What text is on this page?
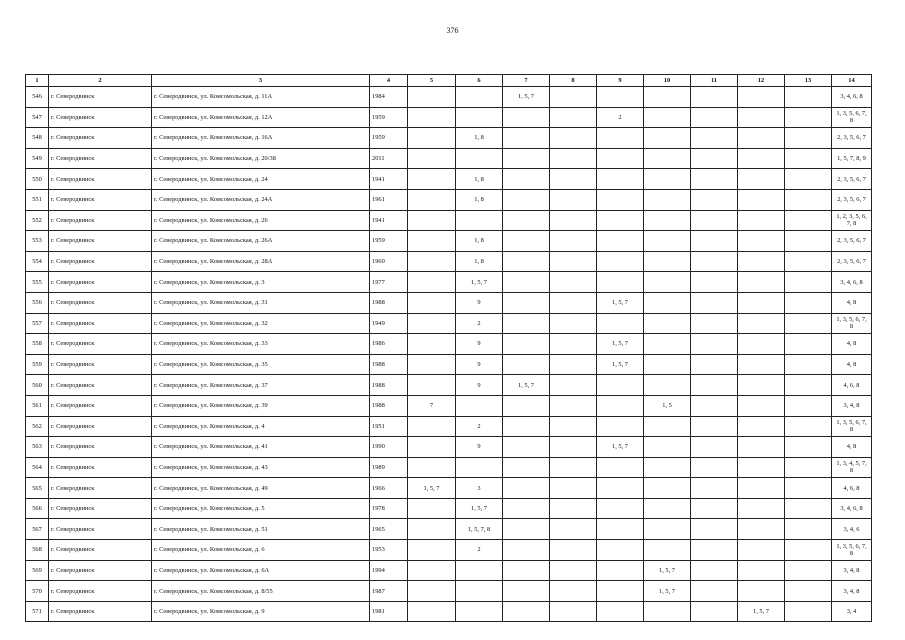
376
1	2	3	4	5	6	7	8	9	10	11	12	13	14
546	г. Северодвинск	г. Северодвинск, ул. Комсомольская, д. 11А	1984			1, 5, 7							3, 4, 6, 8
547	г. Северодвинск	г. Северодвинск, ул. Комсомольская, д. 12А	1959					2					1, 3, 5, 6, 7, 8
548	г. Северодвинск	г. Северодвинск, ул. Комсомольская, д. 16А	1959		1, 8								2, 3, 5, 6, 7
549	г. Северодвинск	г. Северодвинск, ул. Комсомольская, д. 20/38	2011										1, 5, 7, 8, 9
550	г. Северодвинск	г. Северодвинск, ул. Комсомольская, д. 24	1941		1, 8								2, 3, 5, 6, 7
551	г. Северодвинск	г. Северодвинск, ул. Комсомольская, д. 24А	1961		1, 8								2, 3, 5, 6, 7
552	г. Северодвинск	г. Северодвинск, ул. Комсомольская, д. 26	1941										1, 2, 3, 5, 6, 7, 8
553	г. Северодвинск	г. Северодвинск, ул. Комсомольская, д. 26А	1959		1, 8								2, 3, 5, 6, 7
554	г. Северодвинск	г. Северодвинск, ул. Комсомольская, д. 28А	1960		1, 8								2, 3, 5, 6, 7
555	г. Северодвинск	г. Северодвинск, ул. Комсомольская, д. 3	1977		1, 5, 7								3, 4, 6, 8
556	г. Северодвинск	г. Северодвинск, ул. Комсомольская, д. 31	1988		9			1, 5, 7					4, 8
557	г. Северодвинск	г. Северодвинск, ул. Комсомольская, д. 32	1949		2								1, 3, 5, 6, 7, 8
558	г. Северодвинск	г. Северодвинск, ул. Комсомольская, д. 33	1986		9			1, 5, 7					4, 8
559	г. Северодвинск	г. Северодвинск, ул. Комсомольская, д. 35	1988		9			1, 5, 7					4, 8
560	г. Северодвинск	г. Северодвинск, ул. Комсомольская, д. 37	1988		9	1, 5, 7							4, 6, 8
561	г. Северодвинск	г. Северодвинск, ул. Комсомольская, д. 39	1988	7					1, 5				3, 4, 8
562	г. Северодвинск	г. Северодвинск, ул. Комсомольская, д. 4	1951		2								1, 3, 5, 6, 7, 8
563	г. Северодвинск	г. Северодвинск, ул. Комсомольская, д. 41	1990		9			1, 5, 7					4, 8
564	г. Северодвинск	г. Северодвинск, ул. Комсомольская, д. 43	1989										1, 3, 4, 5, 7, 8
565	г. Северодвинск	г. Северодвинск, ул. Комсомольская, д. 49	1966	1, 5, 7	3								4, 6, 8
566	г. Северодвинск	г. Северодвинск, ул. Комсомольская, д. 5	1978		1, 5, 7								3, 4, 6, 8
567	г. Северодвинск	г. Северодвинск, ул. Комсомольская, д. 51	1965		1, 5, 7, 8								3, 4, 6
568	г. Северодвинск	г. Северодвинск, ул. Комсомольская, д. 6	1953		2								1, 3, 5, 6, 7, 8
569	г. Северодвинск	г. Северодвинск, ул. Комсомольская, д. 6А	1994						1, 5, 7				3, 4, 8
570	г. Северодвинск	г. Северодвинск, ул. Комсомольская, д. 8/55	1987						1, 5, 7				3, 4, 8
571	г. Северодвинск	г. Северодвинск, ул. Комсомольская, д. 9	1981								1, 5, 7		3, 4
